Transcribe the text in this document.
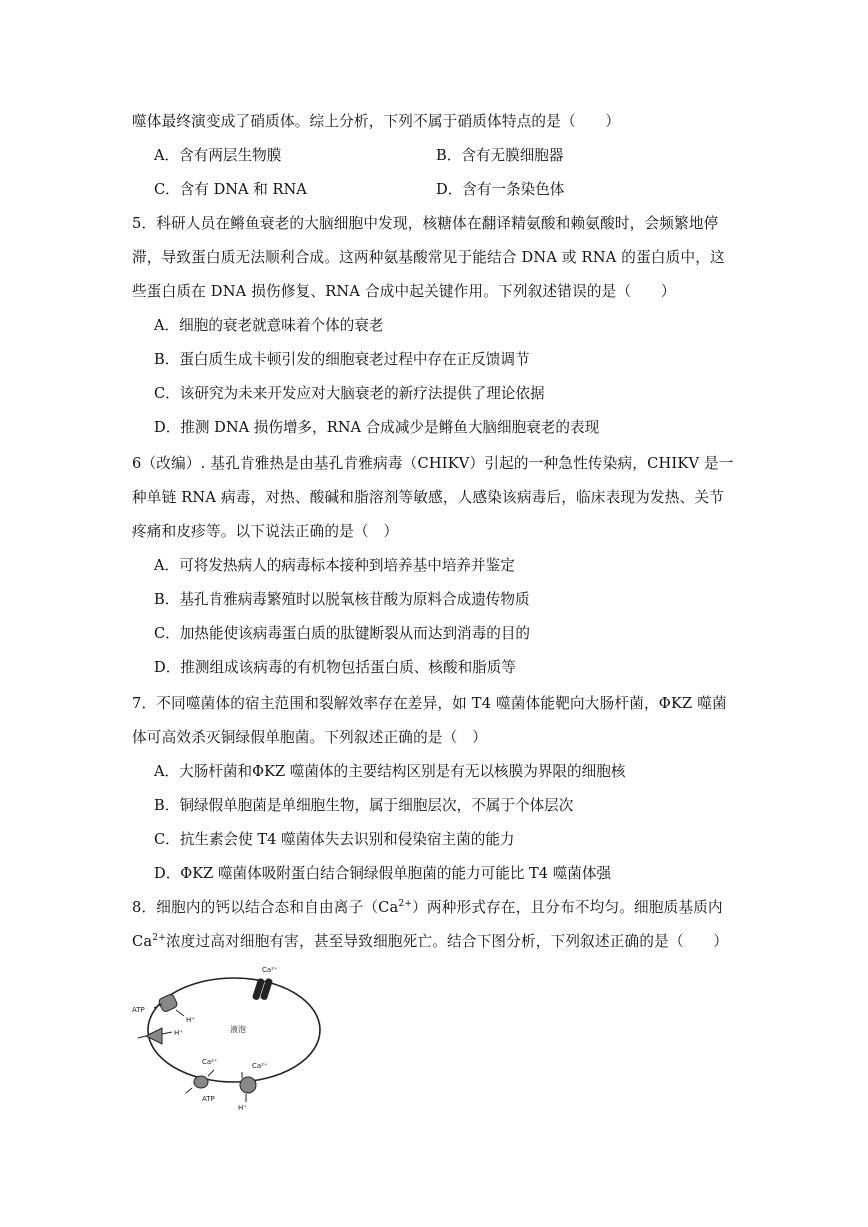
噬体最终演变成了硝质体。综上分析，下列不属于硝质体特点的是（　　）
A．含有两层生物膜	B．含有无膜细胞器
C．含有 DNA 和 RNA	D．含有一条染色体
5．科研人员在鳉鱼衰老的大脑细胞中发现，核糖体在翻译精氨酸和赖氨酸时，会频繁地停
滞，导致蛋白质无法顺利合成。这两种氨基酸常见于能结合 DNA 或 RNA 的蛋白质中，这
些蛋白质在 DNA 损伤修复、RNA 合成中起关键作用。下列叙述错误的是（　　）
A．细胞的衰老就意味着个体的衰老
B．蛋白质生成卡顿引发的细胞衰老过程中存在正反馈调节
C．该研究为未来开发应对大脑衰老的新疗法提供了理论依据
D．推测 DNA 损伤增多，RNA 合成减少是鳉鱼大脑细胞衰老的表现
6（改编）. 基孔肯雅热是由基孔肯雅病毒（CHIKV）引起的一种急性传染病，CHIKV 是一
种单链 RNA 病毒，对热、酸碱和脂溶剂等敏感，人感染该病毒后，临床表现为发热、关节
疼痛和皮疹等。以下说法正确的是（　）
A．可将发热病人的病毒标本接种到培养基中培养并鉴定
B．基孔肯雅病毒繁殖时以脱氧核苷酸为原料合成遗传物质
C．加热能使该病毒蛋白质的肽键断裂从而达到消毒的目的
D．推测组成该病毒的有机物包括蛋白质、核酸和脂质等
7．不同噬菌体的宿主范围和裂解效率存在差异，如 T4 噬菌体能靶向大肠杆菌，ΦKZ 噬菌
体可高效杀灭铜绿假单胞菌。下列叙述正确的是（　）
A．大肠杆菌和ΦKZ 噬菌体的主要结构区别是有无以核膜为界限的细胞核
B．铜绿假单胞菌是单细胞生物，属于细胞层次，不属于个体层次
C．抗生素会使 T4 噬菌体失去识别和侵染宿主菌的能力
D．ΦKZ 噬菌体吸附蛋白结合铜绿假单胞菌的能力可能比 T4 噬菌体强
8．细胞内的钙以结合态和自由离子$(Ca^{2+})$两种形式存在，且分布不均匀。细胞质基质内
$Ca^{2+}$浓度过高对细胞有害，甚至导致细胞死亡。结合下图分析，下列叙述正确的是（　　）
液泡
Ca²⁺
ATP
H⁺
H⁺
Ca²⁺
ATP
Ca²⁺
H⁺
